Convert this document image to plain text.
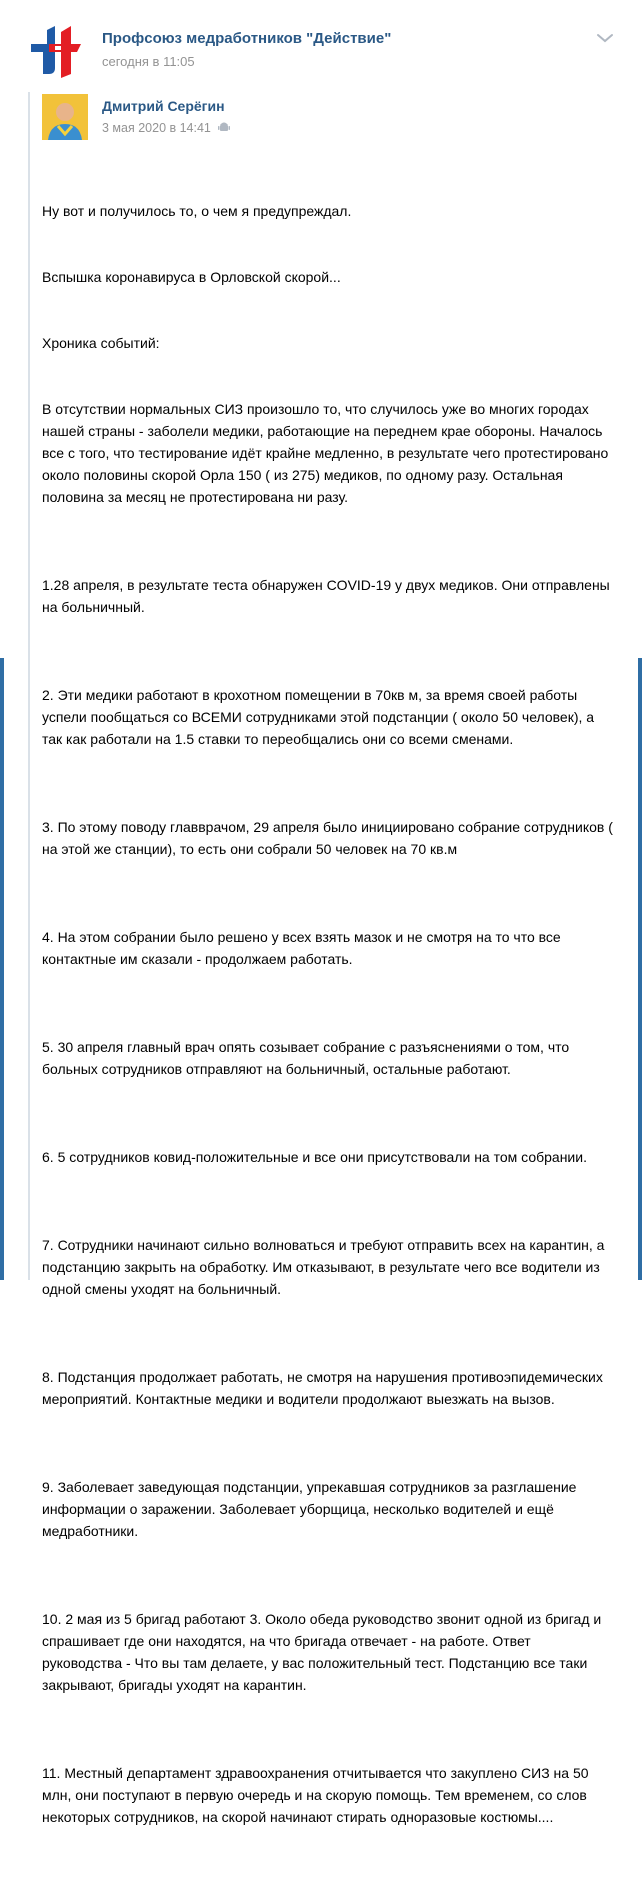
Профсоюз медработников "Действие"
сегодня в 11:05
Дмитрий Серёгин
3 мая 2020 в 14:41

Ну вот и получилось то, о чем я предупреждал.

Вспышка коронавируса в Орловской скорой...

Хроника событий:

В отсутствии нормальных СИЗ произошло то, что случилось уже во многих городах нашей страны - заболели медики, работающие на переднем крае обороны. Началось все с того, что тестирование идёт крайне медленно, в результате чего протестировано около половины скорой Орла 150 ( из 275) медиков, по одному разу. Остальная половина за месяц не протестирована ни разу.

1.28 апреля, в результате теста обнаружен COVID-19 у двух медиков. Они отправлены на больничный.

2. Эти медики работают в крохотном помещении в 70кв м, за время своей работы успели пообщаться со ВСЕМИ сотрудниками этой подстанции ( около 50 человек), а так как работали на 1.5 ставки то переобщались они со всеми сменами.

3. По этому поводу главврачом, 29 апреля было инициировано собрание сотрудников ( на этой же станции), то есть они собрали 50 человек на 70 кв.м

4. На этом собрании было решено у всех взять мазок и не смотря на то что все контактные им сказали - продолжаем работать.

5. 30 апреля главный врач опять созывает собрание с разъяснениями о том, что больных сотрудников отправляют на больничный, остальные работают.

6. 5 сотрудников ковид-положительные и все они присутствовали на том собрании.

7. Сотрудники начинают сильно волноваться и требуют отправить всех на карантин, а подстанцию закрыть на обработку. Им отказывают, в результате чего все водители из одной смены уходят на больничный.

8. Подстанция продолжает работать, не смотря на нарушения противоэпидемических мероприятий. Контактные медики и водители продолжают выезжать на вызов.

9. Заболевает заведующая подстанции, упрекавшая сотрудников за разглашение информации о заражении. Заболевает уборщица, несколько водителей и ещё медработники.

10. 2 мая из 5 бригад работают 3. Около обеда руководство звонит одной из бригад и спрашивает где они находятся, на что бригада отвечает - на работе. Ответ руководства - Что вы там делаете, у вас положительный тест. Подстанцию все таки закрывают, бригады уходят на карантин.

11. Местный департамент здравоохранения отчитывается что закуплено СИЗ на 50 млн, они поступают в первую очередь и на скорую помощь. Тем временем, со слов некоторых сотрудников, на скорой начинают стирать одноразовые костюмы....
